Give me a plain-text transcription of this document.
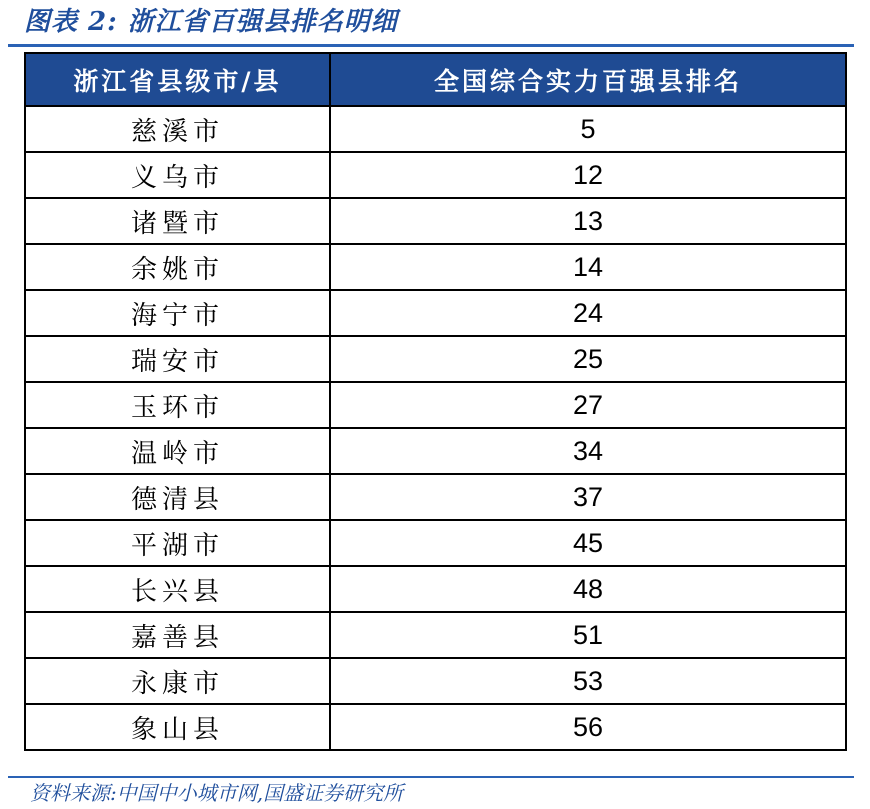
图表 2: 浙江省百强县排名明细
浙江省县级市/县	全国综合实力百强县排名
慈溪市	5
义乌市	12
诸暨市	13
余姚市	14
海宁市	24
瑞安市	25
玉环市	27
温岭市	34
德清县	37
平湖市	45
长兴县	48
嘉善县	51
永康市	53
象山县	56
资料来源:中国中小城市网,国盛证券研究所
